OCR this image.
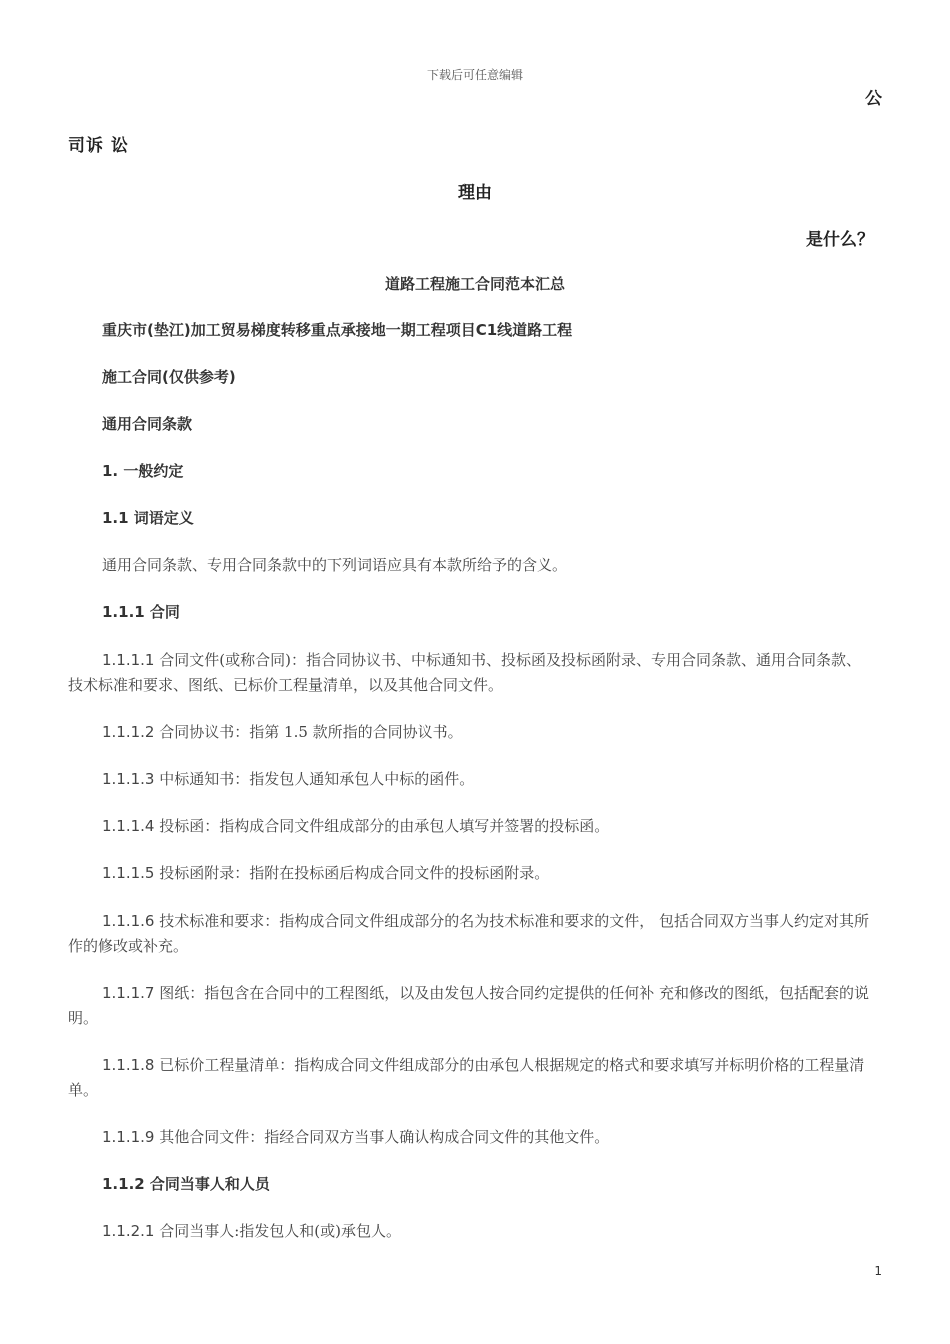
下载后可任意编辑
公
司诉 讼
理由
是什么？
道路工程施工合同范本汇总
重庆市(垫江)加工贸易梯度转移重点承接地一期工程项目C1线道路工程
施工合同(仅供参考)
通用合同条款
1. 一般约定
1.1 词语定义
通用合同条款、专用合同条款中的下列词语应具有本款所给予的含义。
1.1.1 合同
1.1.1.1 合同文件(或称合同)：指合同协议书、中标通知书、投标函及投标函附录、专用合同条款、通用合同条款、技术标准和要求、图纸、已标价工程量清单，以及其他合同文件。
1.1.1.2 合同协议书：指第 1.5 款所指的合同协议书。
1.1.1.3 中标通知书：指发包人通知承包人中标的函件。
1.1.1.4 投标函：指构成合同文件组成部分的由承包人填写并签署的投标函。
1.1.1.5 投标函附录：指附在投标函后构成合同文件的投标函附录。
1.1.1.6 技术标准和要求：指构成合同文件组成部分的名为技术标准和要求的文件， 包括合同双方当事人约定对其所作的修改或补充。
1.1.1.7 图纸：指包含在合同中的工程图纸，以及由发包人按合同约定提供的任何补 充和修改的图纸，包括配套的说明。
1.1.1.8 已标价工程量清单：指构成合同文件组成部分的由承包人根据规定的格式和要求填写并标明价格的工程量清单。
1.1.1.9 其他合同文件：指经合同双方当事人确认构成合同文件的其他文件。
1.1.2 合同当事人和人员
1.1.2.1 合同当事人:指发包人和(或)承包人。
1
